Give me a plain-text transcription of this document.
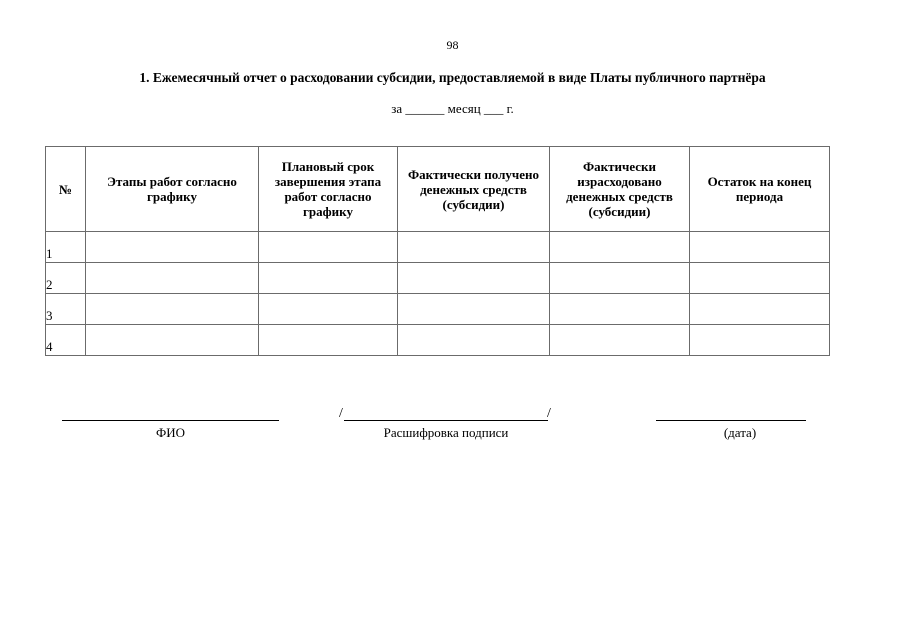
98
1. Ежемесячный отчет о расходовании субсидии, предоставляемой в виде Платы публичного партнёра
за ______ месяц ___ г.
№	Этапы работ согласно графику	Плановый срок завершения этапа работ согласно графику	Фактически получено денежных средств (субсидии)	Фактически израсходовано денежных средств (субсидии)	Остаток на конец периода
1					
2					
3					
4					
/	/
ФИО	Расшифровка подписи	(дата)
